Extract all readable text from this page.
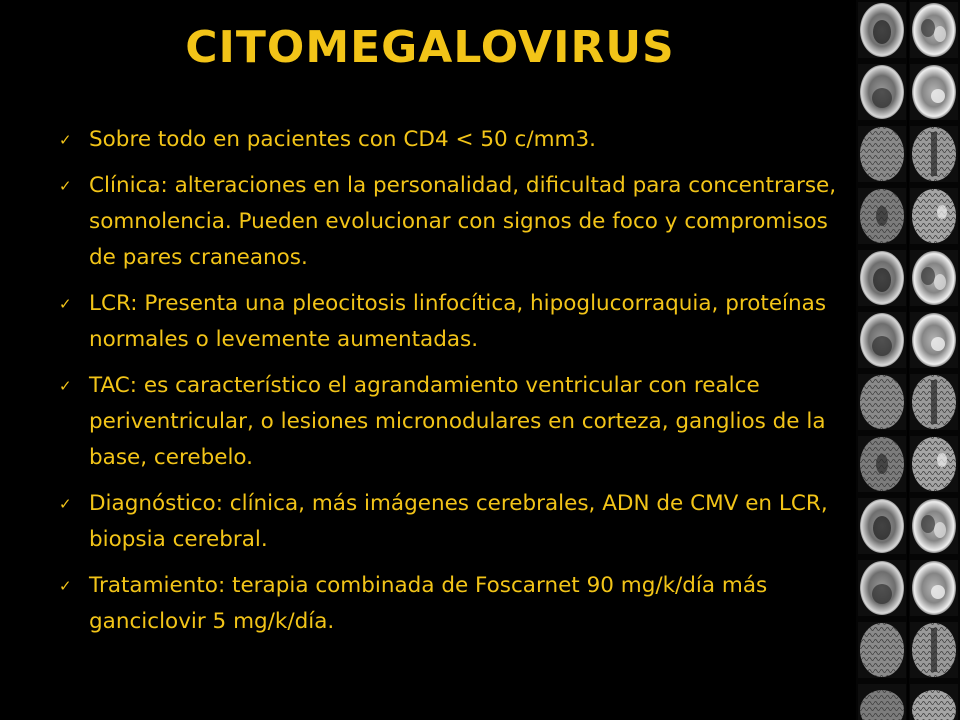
CITOMEGALOVIRUS
✓ Sobre todo en pacientes con CD4 < 50 c/mm3.
✓ Clínica: alteraciones en la personalidad, dificultad para concentrarse, somnolencia. Pueden evolucionar con signos de foco y compromisos de pares craneanos.
✓ LCR: Presenta una pleocitosis linfocítica, hipoglucorraquia, proteínas normales o levemente aumentadas.
✓ TAC: es característico el agrandamiento ventricular con realce periventricular, o lesiones micronodulares en corteza, ganglios de la base, cerebelo.
✓ Diagnóstico: clínica, más imágenes cerebrales, ADN de CMV en LCR, biopsia cerebral.
✓ Tratamiento: terapia combinada de Foscarnet 90 mg/k/día más ganciclovir 5 mg/k/día.
